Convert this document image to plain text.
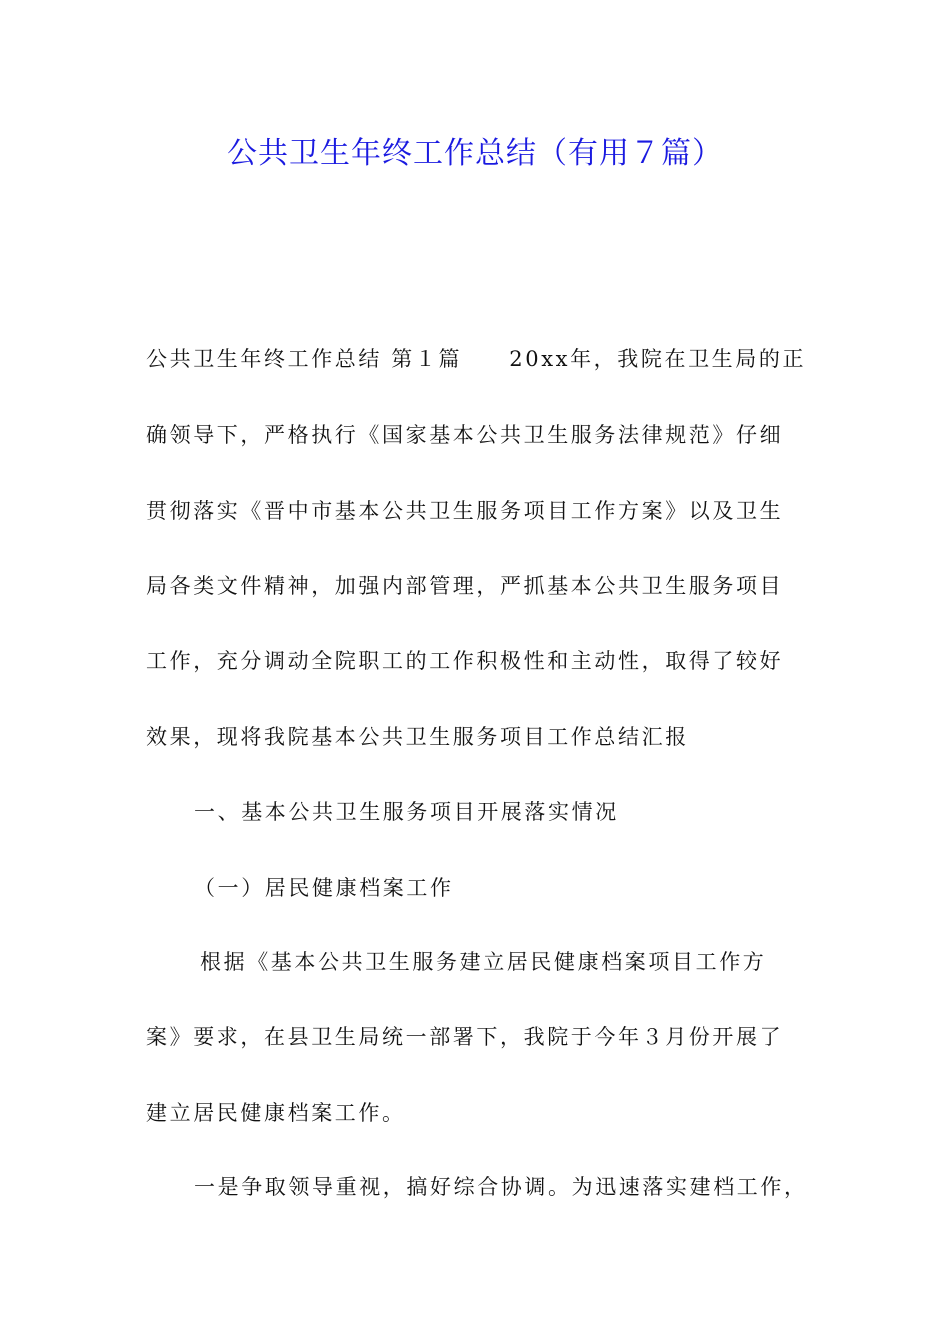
公共卫生年终工作总结（有用７篇）
公共卫生年终工作总结 第１篇　　20xx年，我院在卫生局的正
确领导下，严格执行《国家基本公共卫生服务法律规范》仔细
贯彻落实《晋中市基本公共卫生服务项目工作方案》以及卫生
局各类文件精神，加强内部管理，严抓基本公共卫生服务项目
工作，充分调动全院职工的工作积极性和主动性，取得了较好
效果，现将我院基本公共卫生服务项目工作总结汇报
一、基本公共卫生服务项目开展落实情况
（一）居民健康档案工作
根据《基本公共卫生服务建立居民健康档案项目工作方
案》要求，在县卫生局统一部署下，我院于今年３月份开展了
建立居民健康档案工作。
一是争取领导重视，搞好综合协调。为迅速落实建档工作，
